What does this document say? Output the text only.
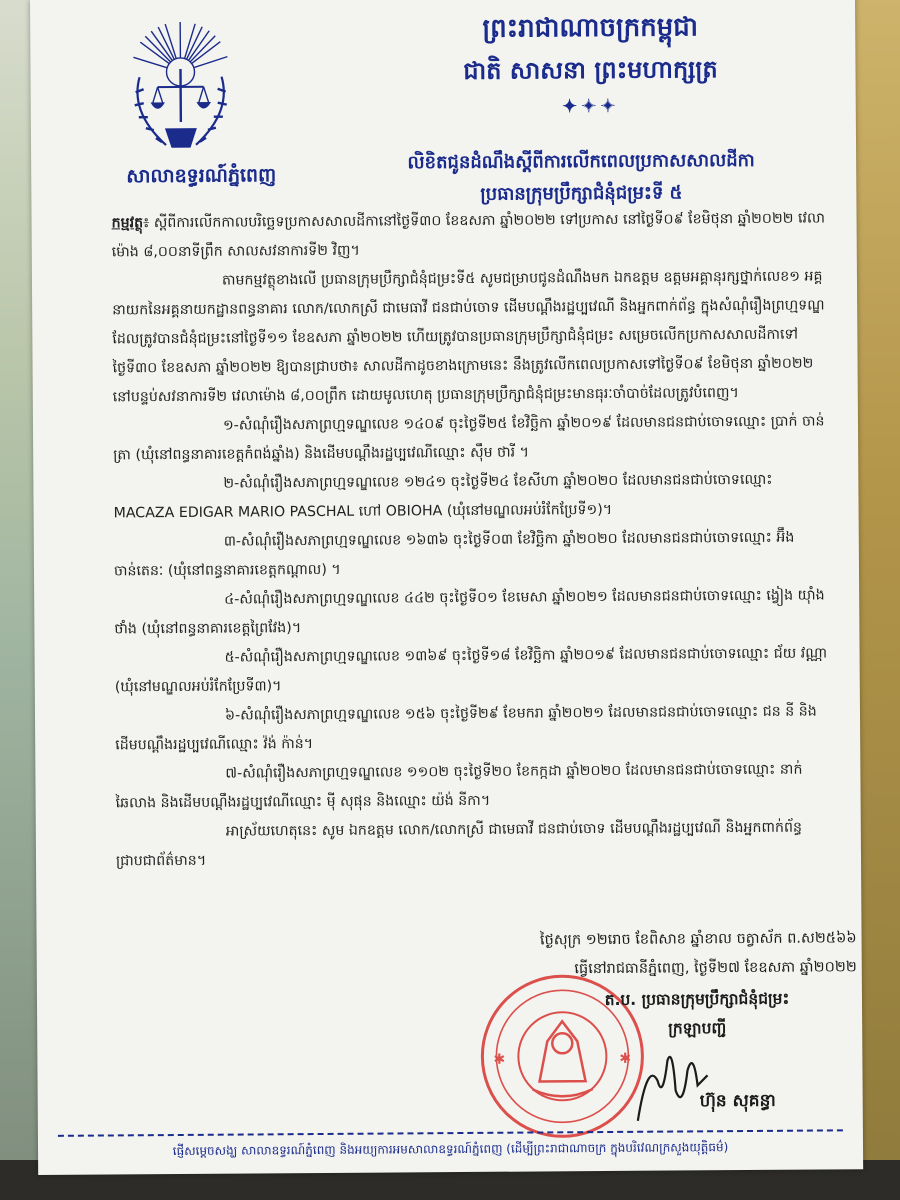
សាលាឧទ្ធរណ៍ភ្នំពេញ
ព្រះរាជាណាចក្រកម្ពុជា
ជាតិ សាសនា ព្រះមហាក្សត្រ
✦✦✦
លិខិតជូនដំណឹងស្តីពីការលើកពេលប្រកាសសាលដីកា
ប្រធានក្រុមប្រឹក្សាជំនុំជម្រះទី ៥

កម្មវត្ថុ៖ ស្តីពីការលើកកាលបរិច្ឆេទប្រកាសសាលដីកានៅថ្ងៃទី៣០ ខែឧសភា ឆ្នាំ២០២២ ទៅប្រកាស នៅថ្ងៃទី០៩ ខែមិថុនា ឆ្នាំ២០២២ វេលាម៉ោង ៨,០០នាទីព្រឹក សាលសវនាការទី២ វិញ។

តាមកម្មវត្ថុខាងលើ ប្រធានក្រុមប្រឹក្សាជំនុំជម្រះទី៥ សូមជម្រាបជូនដំណឹងមក ឯកឧត្តម ឧត្តមអគ្គានុរក្សថ្នាក់លេខ១ អគ្គនាយកនៃអគ្គនាយកដ្ឋានពន្ធនាគារ លោក/លោកស្រី ជាមេធាវី ជនជាប់ចោទ ដើមបណ្តឹងរដ្ឋប្បវេណី និងអ្នកពាក់ព័ន្ធ ក្នុងសំណុំរឿងព្រហ្មទណ្ឌ ដែលត្រូវបានជំនុំជម្រះនៅថ្ងៃទី១១ ខែឧសភា ឆ្នាំ២០២២ ហើយត្រូវបានប្រធានក្រុមប្រឹក្សាជំនុំជម្រះ សម្រេចលើកប្រកាសសាលដីកាទៅថ្ងៃទី៣០ ខែឧសភា ឆ្នាំ២០២២ ឱ្យបានជ្រាបថា៖ សាលដីកាដូចខាងក្រោមនេះ នឹងត្រូវលើកពេលប្រកាសទៅថ្ងៃទី០៩ ខែមិថុនា ឆ្នាំ២០២២ នៅបន្ទប់សវនាការទី២ វេលាម៉ោង ៨,០០ព្រឹក ដោយមូលហេតុ ប្រធានក្រុមប្រឹក្សាជំនុំជម្រះមានធុរៈចាំបាច់ដែលត្រូវបំពេញ។

១-សំណុំរឿងសភាព្រហ្មទណ្ឌលេខ ១៤០៩ ចុះថ្ងៃទី២៥ ខែវិច្ឆិកា ឆ្នាំ២០១៩ ដែលមានជនជាប់ចោទឈ្មោះ ប្រាក់ ចាន់ត្រា (ឃុំនៅពន្ធនាគារខេត្តកំពង់ឆ្នាំង) និងដើមបណ្តឹងរដ្ឋប្បវេណីឈ្មោះ ស៊ឹម ថារី ។

២-សំណុំរឿងសភាព្រហ្មទណ្ឌលេខ ១២៤១ ចុះថ្ងៃទី២៤ ខែសីហា ឆ្នាំ២០២០ ដែលមានជនជាប់ចោទឈ្មោះ MACAZA EDIGAR MARIO PASCHAL ហៅ OBIOHA (ឃុំនៅមណ្ឌលអប់រំកែប្រែទី១)។

៣-សំណុំរឿងសភាព្រហ្មទណ្ឌលេខ ១៦៣៦ ចុះថ្ងៃទី០៣ ខែវិច្ឆិកា ឆ្នាំ២០២០ ដែលមានជនជាប់ចោទឈ្មោះ អ៊ឹង ចាន់តេនៈ (ឃុំនៅពន្ធនាគារខេត្តកណ្តាល) ។

៤-សំណុំរឿងសភាព្រហ្មទណ្ឌលេខ ៤៤២ ចុះថ្ងៃទី០១ ខែមេសា ឆ្នាំ២០២១ ដែលមានជនជាប់ចោទឈ្មោះ ង្វៀង យ៉ាំងថាំង (ឃុំនៅពន្ធនាគារខេត្តព្រៃវែង)។

៥-សំណុំរឿងសភាព្រហ្មទណ្ឌលេខ ១៣៦៩ ចុះថ្ងៃទី១៨ ខែវិច្ឆិកា ឆ្នាំ២០១៩ ដែលមានជនជាប់ចោទឈ្មោះ ជ័យ វណ្ណា (ឃុំនៅមណ្ឌលអប់រំកែប្រែទី៣)។

៦-សំណុំរឿងសភាព្រហ្មទណ្ឌលេខ ១៥៦ ចុះថ្ងៃទី២៩ ខែមករា ឆ្នាំ២០២១ ដែលមានជនជាប់ចោទឈ្មោះ ជន នី និងដើមបណ្តឹងរដ្ឋប្បវេណីឈ្មោះ វ៉ង់ ក៉ាន់។

៧-សំណុំរឿងសភាព្រហ្មទណ្ឌលេខ ១១០២ ចុះថ្ងៃទី២០ ខែកក្កដា ឆ្នាំ២០២០ ដែលមានជនជាប់ចោទឈ្មោះ នាក់ ឆៃលាង និងដើមបណ្តឹងរដ្ឋប្បវេណីឈ្មោះ ម៉ី សុផុន និងឈ្មោះ យ៉ង់ នីកា។

អាស្រ័យហេតុនេះ សូម ឯកឧត្តម លោក/លោកស្រី ជាមេធាវី ជនជាប់ចោទ ដើមបណ្តឹងរដ្ឋប្បវេណី និងអ្នកពាក់ព័ន្ធ ជ្រាបជាព័ត៌មាន។

ថ្ងៃសុក្រ ១២រោច ខែពិសាខ ឆ្នាំខាល ចត្វាស័ក ព.ស២៥៦៦
ធ្វើនៅរាជធានីភ្នំពេញ, ថ្ងៃទី២៧ ខែឧសភា ឆ្នាំ២០២២
✱	✱
ត.ប. ប្រធានក្រុមប្រឹក្សាជំនុំជម្រះ
ក្រឡាបញ្ជី
ហ៊ុន សុគន្ធា
ផ្ញើសម្តេចសង្ឃ សាលាឧទ្ធរណ៍ភ្នំពេញ និងអយ្យការអមសាលាឧទ្ធរណ៍ភ្នំពេញ (ដើម្បីព្រះរាជាណាចក្រ ក្នុងបរិវេណក្រសួងយុត្តិធម៌)
